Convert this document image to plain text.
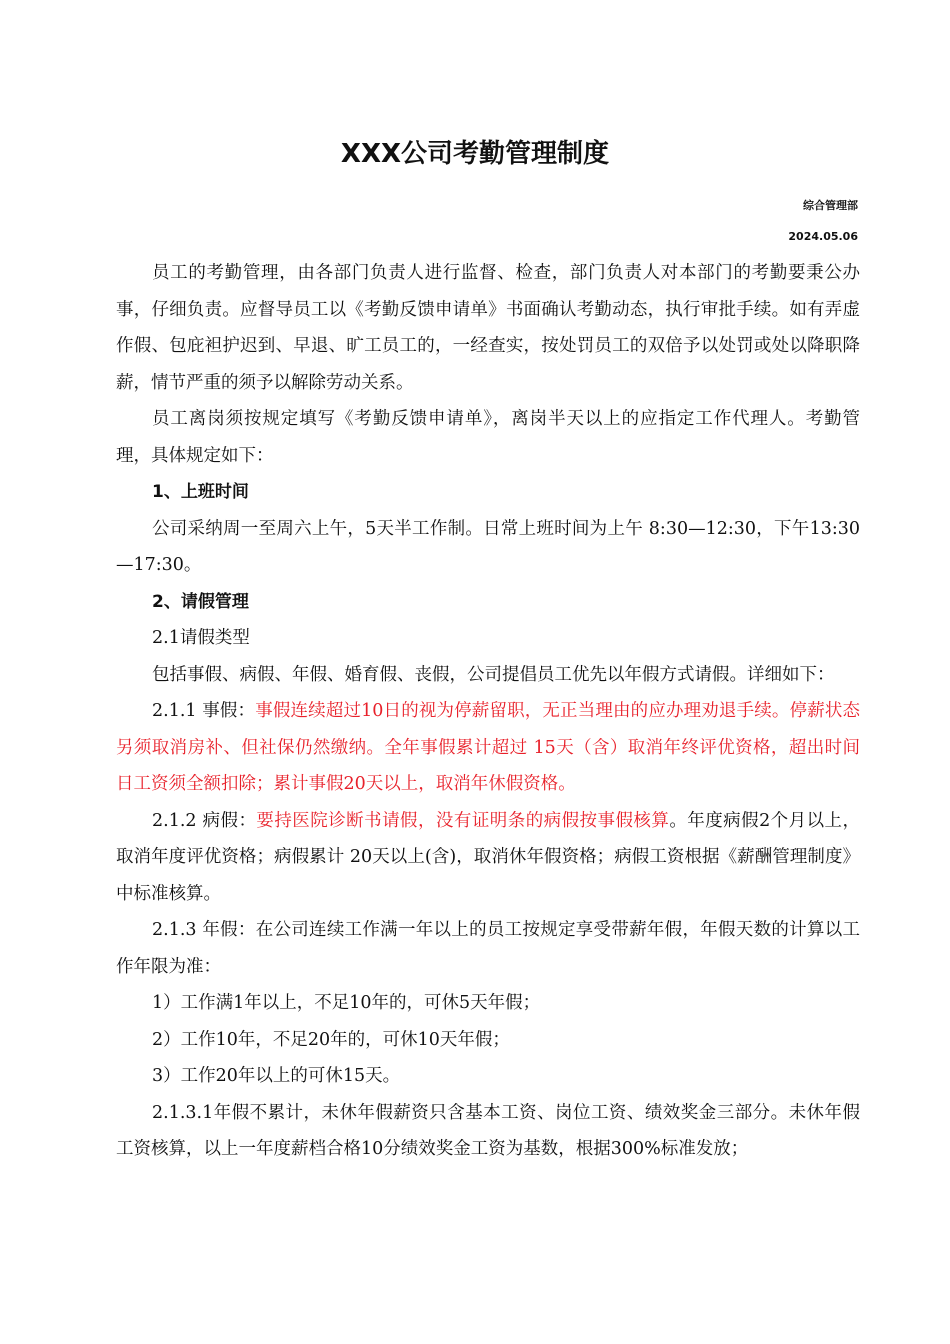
XXX公司考勤管理制度
综合管理部
2024.05.06

员工的考勤管理，由各部门负责人进行监督、检查，部门负责人对本部门的考勤要秉公办事，仔细负责。应督导员工以《考勤反馈申请单》书面确认考勤动态，执行审批手续。如有弄虚作假、包庇袒护迟到、早退、旷工员工的，一经查实，按处罚员工的双倍予以处罚或处以降职降薪，情节严重的须予以解除劳动关系。

员工离岗须按规定填写《考勤反馈申请单》，离岗半天以上的应指定工作代理人。考勤管理，具体规定如下：

1、上班时间

公司采纳周一至周六上午，5天半工作制。日常上班时间为上午 8:30—12:30，下午13:30—17:30。

2、请假管理

2.1请假类型

包括事假、病假、年假、婚育假、丧假，公司提倡员工优先以年假方式请假。详细如下：

2.1.1 事假：事假连续超过10日的视为停薪留职，无正当理由的应办理劝退手续。停薪状态另须取消房补、但社保仍然缴纳。全年事假累计超过 15天（含）取消年终评优资格，超出时间日工资须全额扣除；累计事假20天以上，取消年休假资格。

2.1.2 病假：要持医院诊断书请假，没有证明条的病假按事假核算。年度病假2个月以上，取消年度评优资格；病假累计 20天以上(含)，取消休年假资格；病假工资根据《薪酬管理制度》中标准核算。

2.1.3 年假：在公司连续工作满一年以上的员工按规定享受带薪年假，年假天数的计算以工作年限为准：

1）工作满1年以上，不足10年的，可休5天年假；

2）工作10年，不足20年的，可休10天年假；

3）工作20年以上的可休15天。

2.1.3.1年假不累计，未休年假薪资只含基本工资、岗位工资、绩效奖金三部分。未休年假工资核算，以上一年度薪档合格10分绩效奖金工资为基数，根据300%标准发放；
